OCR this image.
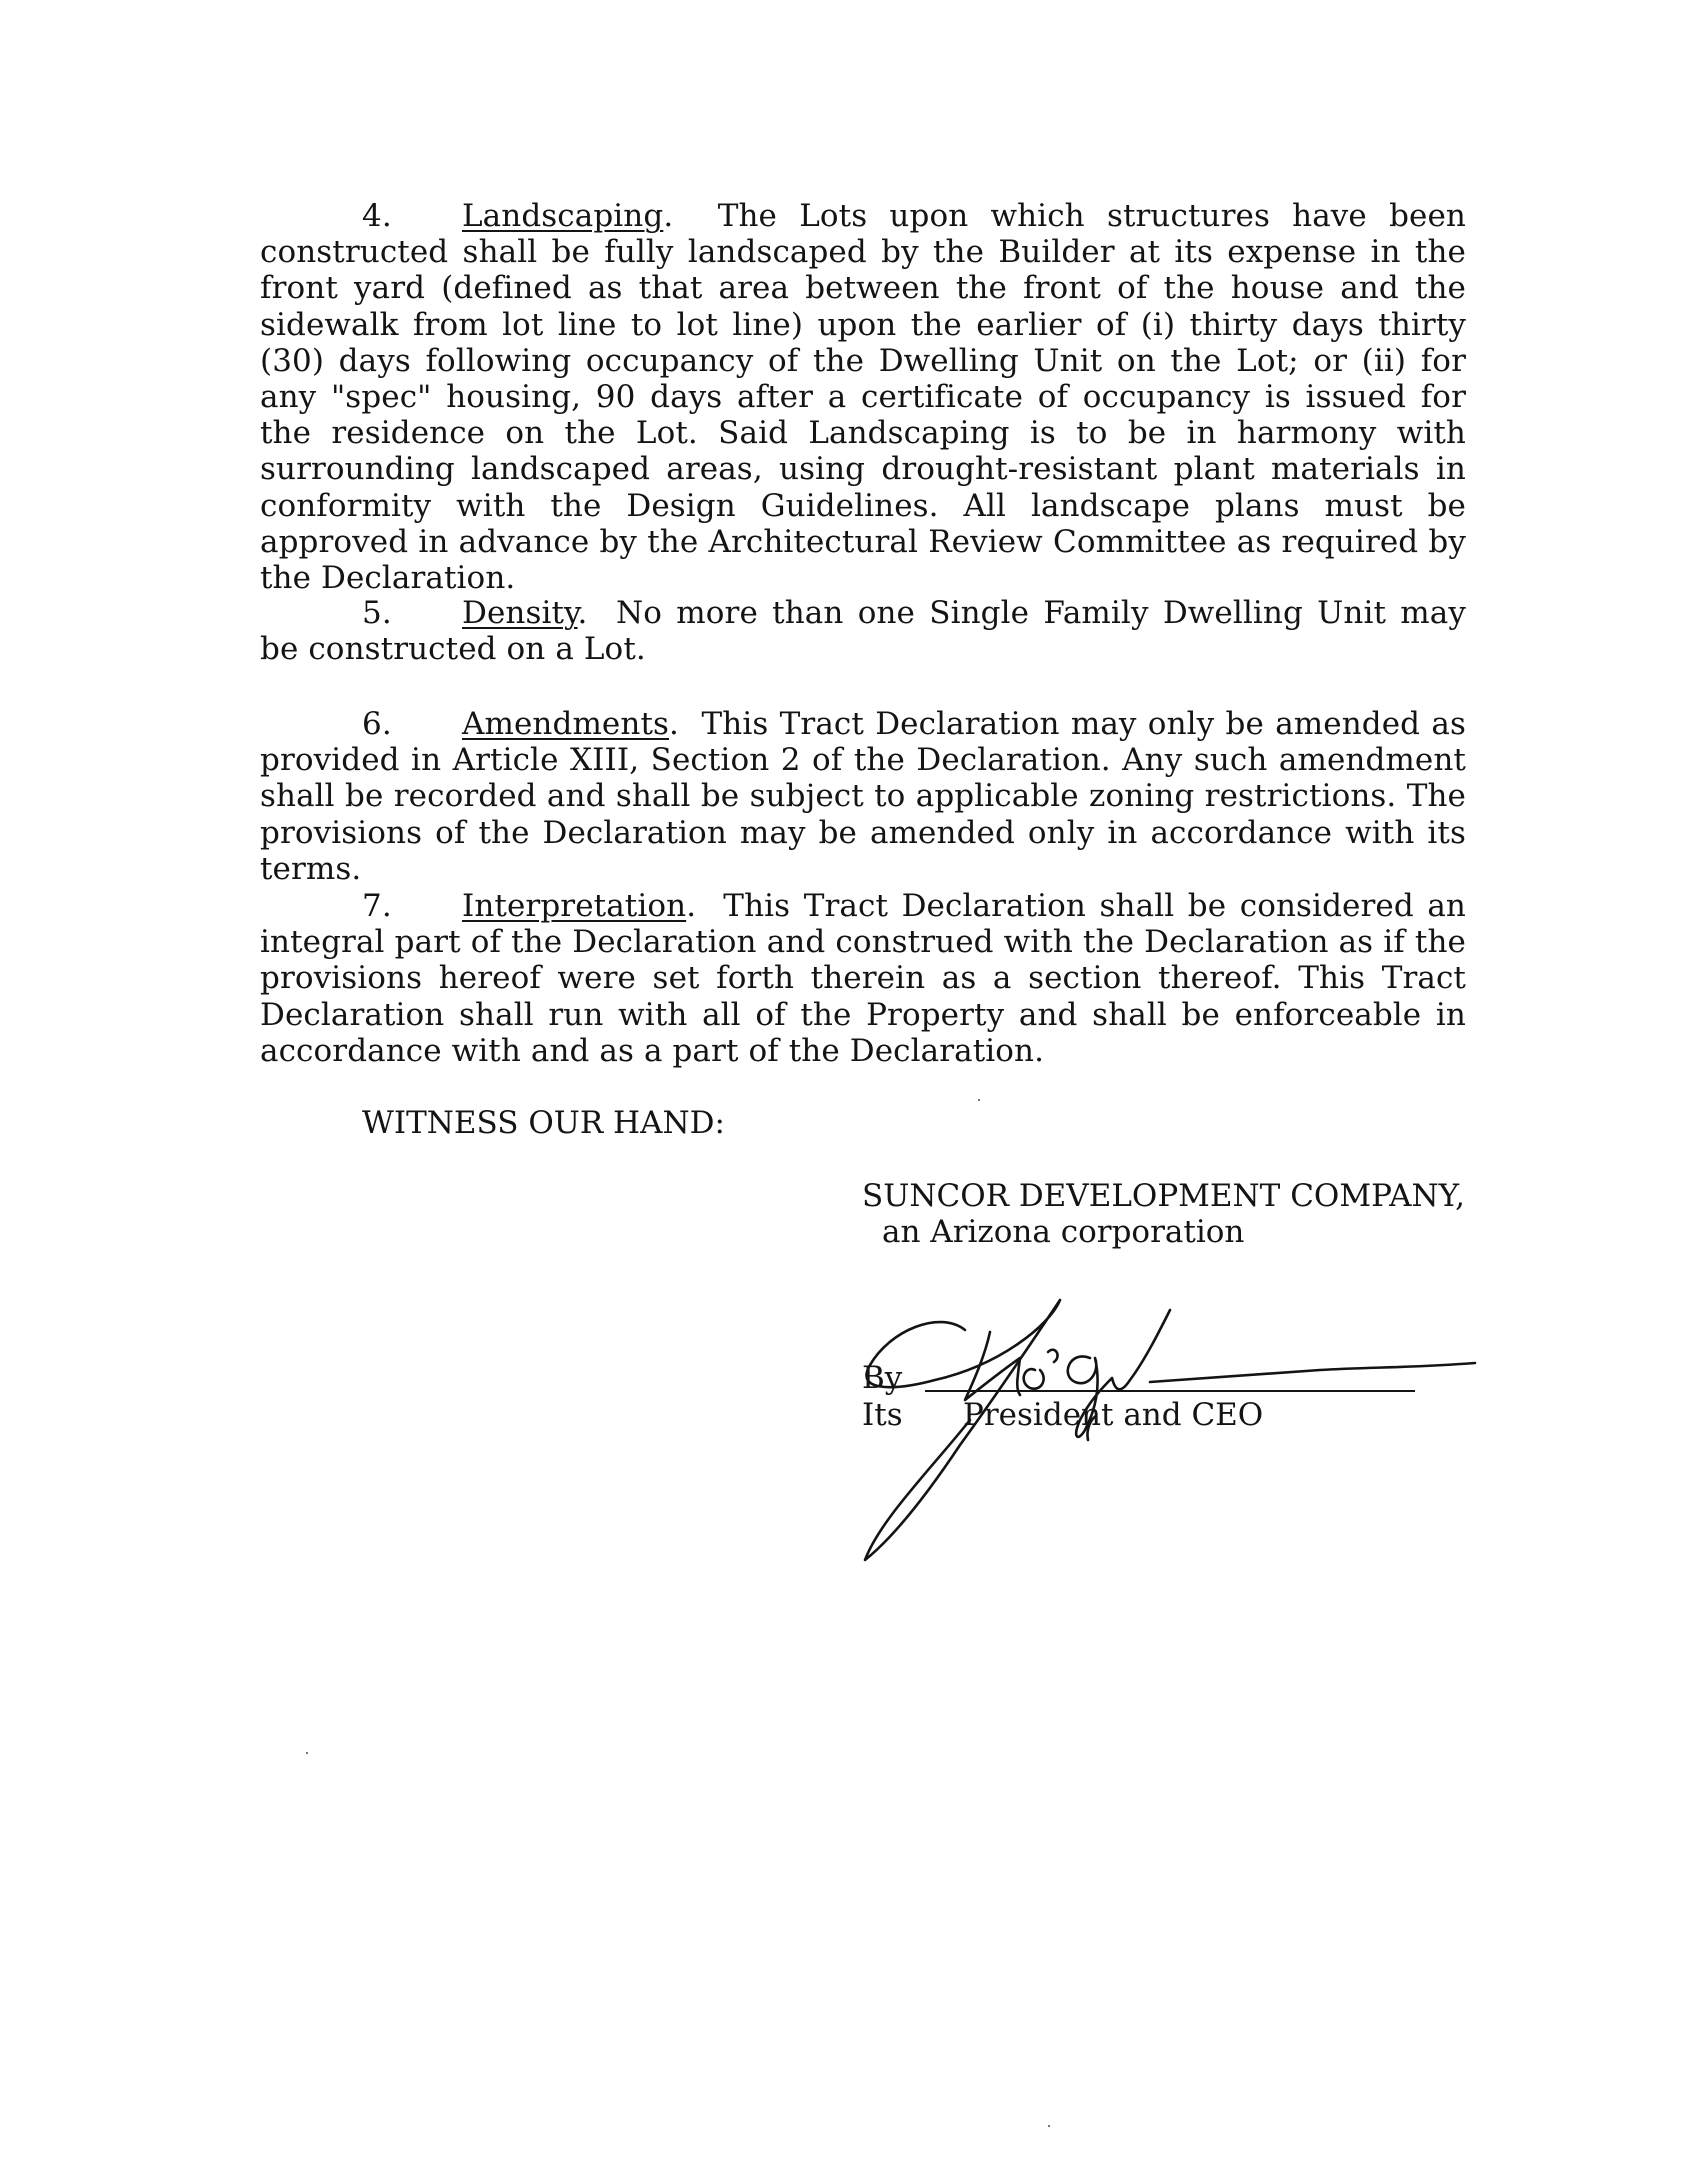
4. Landscaping.  The Lots upon which structures have been constructed shall be fully landscaped by the Builder at its expense in the front yard (defined as that area between the front of the house and the sidewalk from lot line to lot line) upon the earlier of (i) thirty days thirty (30) days following occupancy of the Dwelling Unit on the Lot; or (ii) for any "spec" housing, 90 days after a certificate of occupancy is issued for the residence on the Lot. Said Landscaping is to be in harmony with surrounding landscaped areas, using drought-resistant plant materials in conformity with the Design Guidelines. All landscape plans must be approved in advance by the Architectural Review Committee as required by the Declaration.

5. Density.  No more than one Single Family Dwelling Unit may be constructed on a Lot.

6. Amendments.  This Tract Declaration may only be amended as provided in Article XIII, Section 2 of the Declaration. Any such amendment shall be recorded and shall be subject to applicable zoning restrictions. The provisions of the Declaration may be amended only in accordance with its terms.

7. Interpretation.  This Tract Declaration shall be considered an integral part of the Declaration and construed with the Declaration as if the provisions hereof were set forth therein as a section thereof. This Tract Declaration shall run with all of the Property and shall be enforceable in accordance with and as a part of the Declaration.

WITNESS OUR HAND:

SUNCOR DEVELOPMENT COMPANY,
an Arizona corporation

By

Its President and CEO
